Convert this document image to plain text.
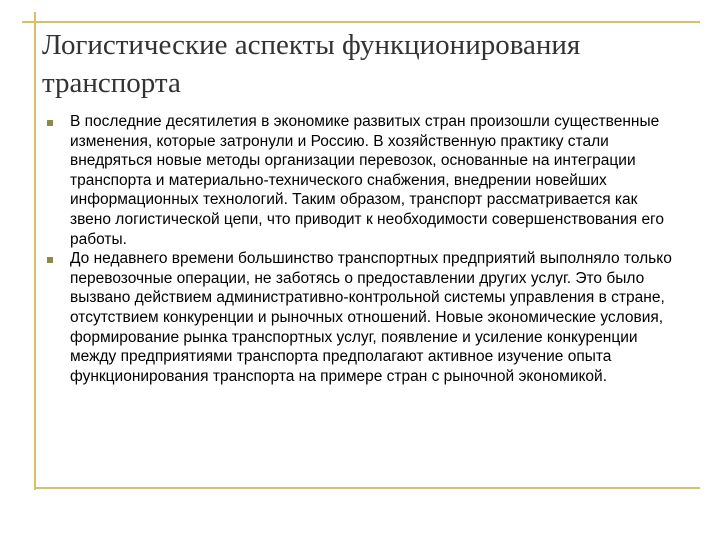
Логистические аспекты функционирования транспорта
В последние десятилетия в экономике развитых стран произошли существенные изменения, которые затронули и Россию. В хозяйственную практику стали внедряться новые методы организации перевозок, основанные на интеграции транспорта и материально-технического снабжения, внедрении новейших информационных технологий. Таким образом, транспорт рассматривается как звено логистической цепи, что приводит к необходимости совершенствования его работы.
До недавнего времени большинство транспортных предприятий выполняло только перевозочные операции, не заботясь о предоставлении других услуг. Это было вызвано действием административно-контрольной системы управления в стране, отсутствием конкуренции и рыночных отношений. Новые экономические условия, формирование рынка транспортных услуг, появление и усиление конкуренции между предприятиями транспорта предполагают активное изучение опыта функционирования транспорта на примере стран с рыночной экономикой.
